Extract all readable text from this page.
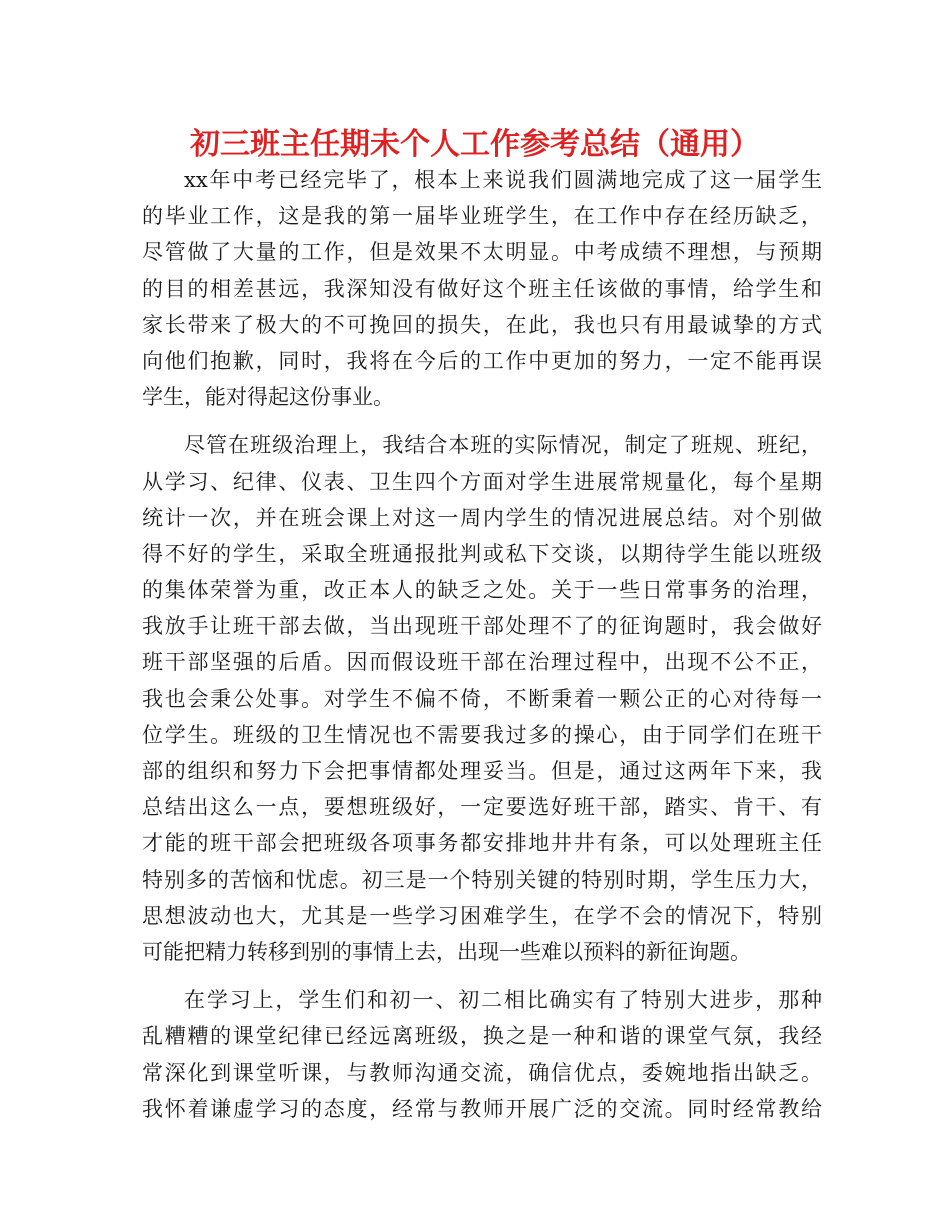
初三班主任期未个人工作参考总结（通用）
xx年中考已经完毕了，根本上来说我们圆满地完成了这一届学生
的毕业工作，这是我的第一届毕业班学生，在工作中存在经历缺乏，
尽管做了大量的工作，但是效果不太明显。中考成绩不理想，与预期
的目的相差甚远，我深知没有做好这个班主任该做的事情，给学生和
家长带来了极大的不可挽回的损失，在此，我也只有用最诚挚的方式
向他们抱歉，同时，我将在今后的工作中更加的努力，一定不能再误
学生，能对得起这份事业。
尽管在班级治理上，我结合本班的实际情况，制定了班规、班纪，
从学习、纪律、仪表、卫生四个方面对学生进展常规量化，每个星期
统计一次，并在班会课上对这一周内学生的情况进展总结。对个别做
得不好的学生，采取全班通报批判或私下交谈，以期待学生能以班级
的集体荣誉为重，改正本人的缺乏之处。关于一些日常事务的治理，
我放手让班干部去做，当出现班干部处理不了的征询题时，我会做好
班干部坚强的后盾。因而假设班干部在治理过程中，出现不公不正，
我也会秉公处事。对学生不偏不倚，不断秉着一颗公正的心对待每一
位学生。班级的卫生情况也不需要我过多的操心，由于同学们在班干
部的组织和努力下会把事情都处理妥当。但是，通过这两年下来，我
总结出这么一点，要想班级好，一定要选好班干部，踏实、肯干、有
才能的班干部会把班级各项事务都安排地井井有条，可以处理班主任
特别多的苦恼和忧虑。初三是一个特别关键的特别时期，学生压力大，
思想波动也大，尤其是一些学习困难学生，在学不会的情况下，特别
可能把精力转移到别的事情上去，出现一些难以预料的新征询题。
在学习上，学生们和初一、初二相比确实有了特别大进步，那种
乱糟糟的课堂纪律已经远离班级，换之是一种和谐的课堂气氛，我经
常深化到课堂听课，与教师沟通交流，确信优点，委婉地指出缺乏。
我怀着谦虚学习的态度，经常与教师开展广泛的交流。同时经常教给
